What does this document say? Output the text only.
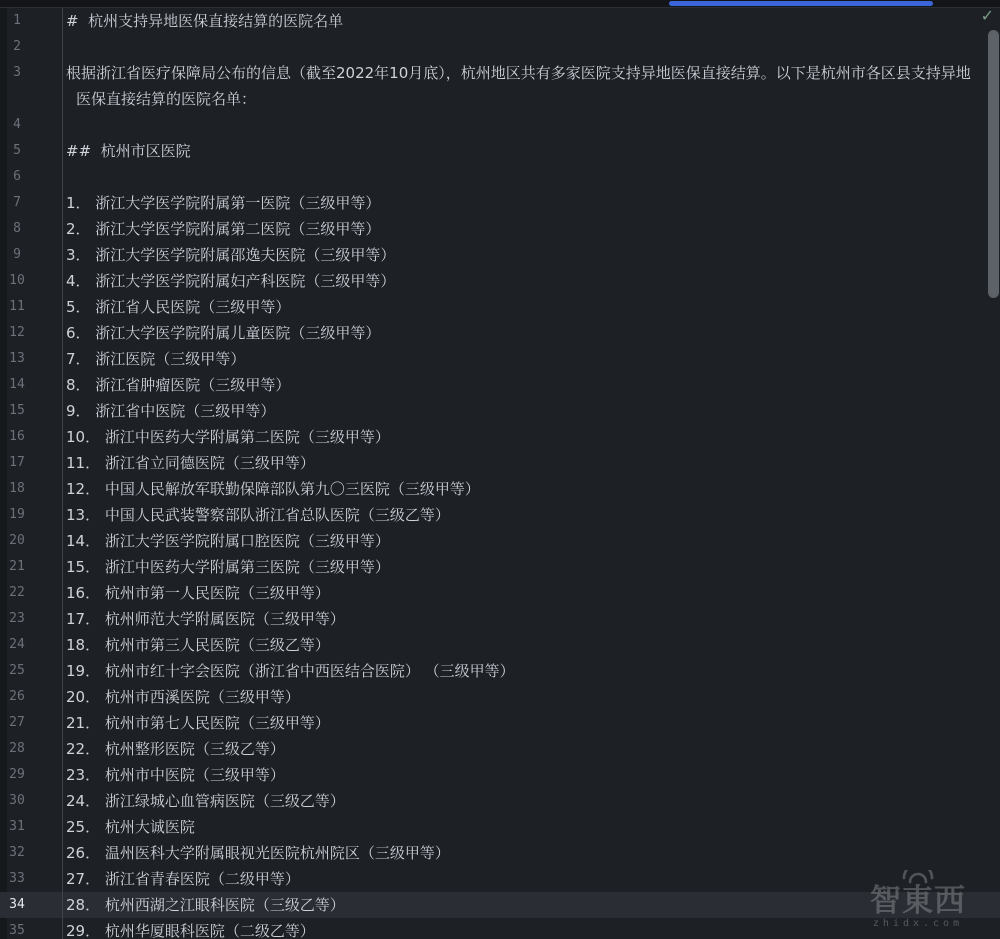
✓
1	#  杭州支持异地医保直接结算的医院名单
2
3	根据浙江省医疗保障局公布的信息（截至2022年10月底），杭州地区共有多家医院支持异地医保直接结算。以下是杭州市各区县支持异地医保直接结算的医院名单：
4
5	##  杭州市区医院
6
7	1． 浙江大学医学院附属第一医院（三级甲等）
8	2． 浙江大学医学院附属第二医院（三级甲等）
9	3． 浙江大学医学院附属邵逸夫医院（三级甲等）
10	4． 浙江大学医学院附属妇产科医院（三级甲等）
11	5． 浙江省人民医院（三级甲等）
12	6． 浙江大学医学院附属儿童医院（三级甲等）
13	7． 浙江医院（三级甲等）
14	8． 浙江省肿瘤医院（三级甲等）
15	9． 浙江省中医院（三级甲等）
16	10． 浙江中医药大学附属第二医院（三级甲等）
17	11． 浙江省立同德医院（三级甲等）
18	12． 中国人民解放军联勤保障部队第九〇三医院（三级甲等）
19	13． 中国人民武装警察部队浙江省总队医院（三级乙等）
20	14． 浙江大学医学院附属口腔医院（三级甲等）
21	15． 浙江中医药大学附属第三医院（三级甲等）
22	16． 杭州市第一人民医院（三级甲等）
23	17． 杭州师范大学附属医院（三级甲等）
24	18． 杭州市第三人民医院（三级乙等）
25	19． 杭州市红十字会医院（浙江省中西医结合医院） （三级甲等）
26	20． 杭州市西溪医院（三级甲等）
27	21． 杭州市第七人民医院（三级甲等）
28	22． 杭州整形医院（三级乙等）
29	23． 杭州市中医院（三级甲等）
30	24． 浙江绿城心血管病医院（三级乙等）
31	25． 杭州大诚医院
32	26． 温州医科大学附属眼视光医院杭州院区（三级甲等）
33	27． 浙江省青春医院（二级甲等）
34	28． 杭州西湖之江眼科医院（三级乙等）
35	29． 杭州华厦眼科医院（二级乙等）
智東西
zhidx.com
